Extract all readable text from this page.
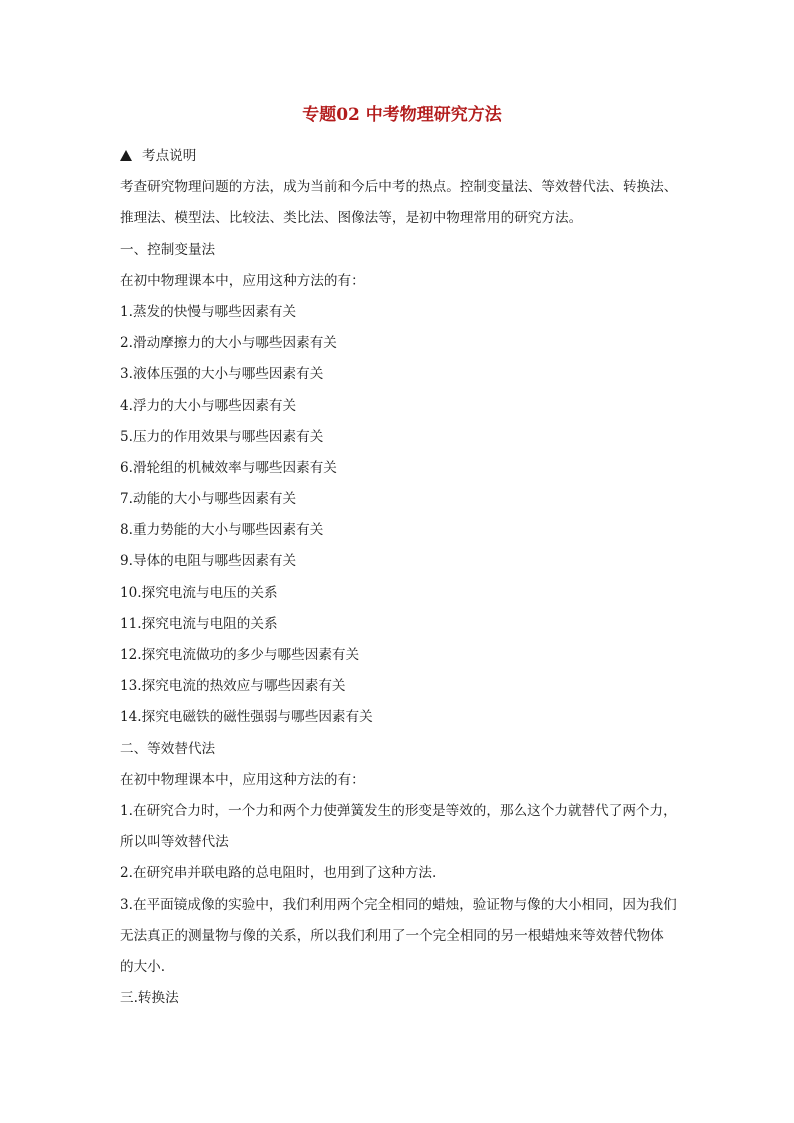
专题02 中考物理研究方法
考点说明
考查研究物理问题的方法，成为当前和今后中考的热点。控制变量法、等效替代法、转换法、
推理法、模型法、比较法、类比法、图像法等，是初中物理常用的研究方法。
一、控制变量法
在初中物理课本中，应用这种方法的有：
1.蒸发的快慢与哪些因素有关
2.滑动摩擦力的大小与哪些因素有关
3.液体压强的大小与哪些因素有关
4.浮力的大小与哪些因素有关
5.压力的作用效果与哪些因素有关
6.滑轮组的机械效率与哪些因素有关
7.动能的大小与哪些因素有关
8.重力势能的大小与哪些因素有关
9.导体的电阻与哪些因素有关
10.探究电流与电压的关系
11.探究电流与电阻的关系
12.探究电流做功的多少与哪些因素有关
13.探究电流的热效应与哪些因素有关
14.探究电磁铁的磁性强弱与哪些因素有关
二、等效替代法
在初中物理课本中，应用这种方法的有：
1.在研究合力时，一个力和两个力使弹簧发生的形变是等效的，那么这个力就替代了两个力，
所以叫等效替代法
2.在研究串并联电路的总电阻时，也用到了这种方法.
3.在平面镜成像的实验中，我们利用两个完全相同的蜡烛，验证物与像的大小相同，因为我们
无法真正的测量物与像的关系，所以我们利用了一个完全相同的另一根蜡烛来等效替代物体
的大小.
三.转换法
